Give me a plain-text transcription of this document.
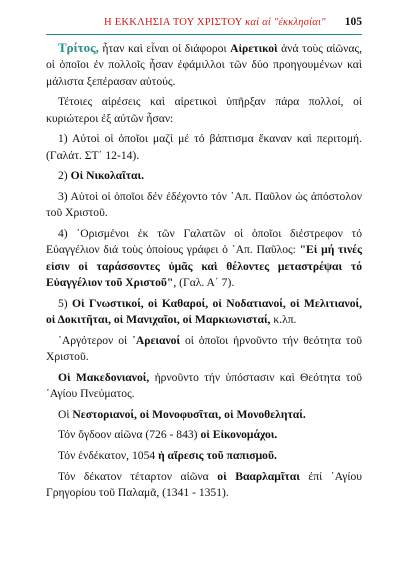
Η ΕΚΚΛΗΣΙΑ ΤΟΥ ΧΡΙΣΤΟΥ καὶ αἱ "ἐκκλησίαι" 105

Τρίτος, ἦταν καὶ εἶναι οἱ διάφοροι Αἱρετικοὶ ἀνά τοὺς αἰῶνας, οἱ ὁποῖοι ἐν πολλοῖς ἦσαν ἐφάμιλλοι τῶν δύο προηγουμένων καὶ μάλιστα ξεπέρασαν αὐτούς.

Τέτοιες αἱρέσεις καὶ αἱρετικοὶ ὑπῆρξαν πάρα πολλοί, οἱ κυριώτεροι ἐξ αὐτῶν ἦσαν:

1) Αὐτοὶ οἱ ὁποῖοι μαζί μέ τό βάπτισμα ἔκαναν καὶ περιτομή. (Γαλάτ. ΣΤ΄ 12-14).

2) Οἱ Νικολαῖται.

3) Αὐτοὶ οἱ ὁποῖοι δέν ἐδέχοντο τόν ᾿Απ. Παῦλον ὡς ἀπόστολον τοῦ Χριστοῦ.

4) ῾Ορισμένοι ἐκ τῶν Γαλατῶν οἱ ὁποῖοι διέστρεφον τό Εὐαγγέλιον διά τοὺς ὁποίους γράφει ὁ ᾿Απ. Παῦλος: "Εἰ μή τινές εἰσιν οἱ ταράσσοντες ὑμᾶς καὶ θέλοντες μεταστρέψαι τό Εὐαγγέλιον τοῦ Χριστοῦ", (Γαλ. Α΄ 7).

5) Οἱ Γνωστικοί, οἱ Καθαροί, οἱ Νοδατιανοί, οἱ Μελιτιανοί, οἱ Δοκιτῆται, οἱ Μανιχαῖοι, οἱ Μαρκιωνισταί, κ.λπ.

᾿Αργότερον οἱ ᾿Αρειανοί οἱ ὁποῖοι ἠρνοῦντο τήν θεότητα τοῦ Χριστοῦ.

Οἱ Μακεδονιανοί, ἠρνοῦντο τήν ὑπόστασιν καὶ Θεότητα τοῦ ῾Αγίου Πνεύματος.

Οἱ Νεστοριανοί, οἱ Μονοφυσῖται, οἱ Μονοθεληταί.

Τόν ὄγδοον αἰῶνα (726 - 843) οἱ Εἰκονομάχοι.

Τόν ἑνδέκατον, 1054 ἡ αἵρεσις τοῦ παπισμοῦ.

Τόν δέκατον τέταρτον αἰῶνα οἱ Βααρλαμῖται ἐπί ῾Αγίου Γρηγορίου τοῦ Παλαμᾶ, (1341 - 1351).
